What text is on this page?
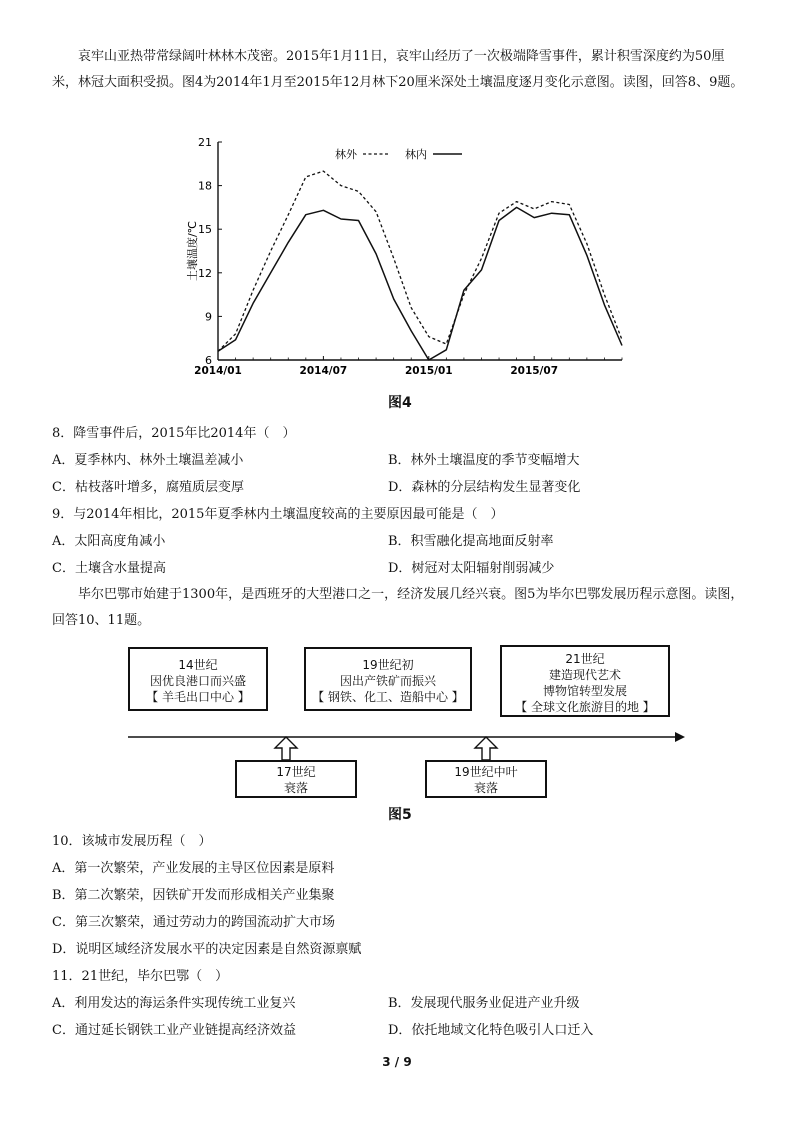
哀牢山亚热带常绿阔叶林林木茂密。2015年1月11日，哀牢山经历了一次极端降雪事件，累计积雪深度约为50厘米，林冠大面积受损。图4为2014年1月至2015年12月林下20厘米深处土壤温度逐月变化示意图。读图，回答8、9题。

21
18
15
12
9
6
2014/01	2014/07	2015/01	2015/07
土壤温度/℃
林外	林内
图4
8．降雪事件后，2015年比2014年（　）
A．夏季林内、林外土壤温差减小	B．林外土壤温度的季节变幅增大
C．枯枝落叶增多，腐殖质层变厚	D．森林的分层结构发生显著变化
9．与2014年相比，2015年夏季林内土壤温度较高的主要原因最可能是（　）
A．太阳高度角减小	B．积雪融化提高地面反射率
C．土壤含水量提高	D．树冠对太阳辐射削弱减少

毕尔巴鄂市始建于1300年，是西班牙的大型港口之一，经济发展几经兴衰。图5为毕尔巴鄂发展历程示意图。读图，回答10、11题。

14世纪
因优良港口而兴盛
【 羊毛出口中心 】
19世纪初
因出产铁矿而振兴
【 钢铁、化工、造船中心 】
21世纪
建造现代艺术
博物馆转型发展
【 全球文化旅游目的地 】
17世纪
衰落
19世纪中叶
衰落
图5
10．该城市发展历程（　）
A．第一次繁荣，产业发展的主导区位因素是原料
B．第二次繁荣，因铁矿开发而形成相关产业集聚
C．第三次繁荣，通过劳动力的跨国流动扩大市场
D．说明区域经济发展水平的决定因素是自然资源禀赋
11．21世纪，毕尔巴鄂（　）
A．利用发达的海运条件实现传统工业复兴	B．发展现代服务业促进产业升级
C．通过延长钢铁工业产业链提高经济效益	D．依托地域文化特色吸引人口迁入
3 / 9
